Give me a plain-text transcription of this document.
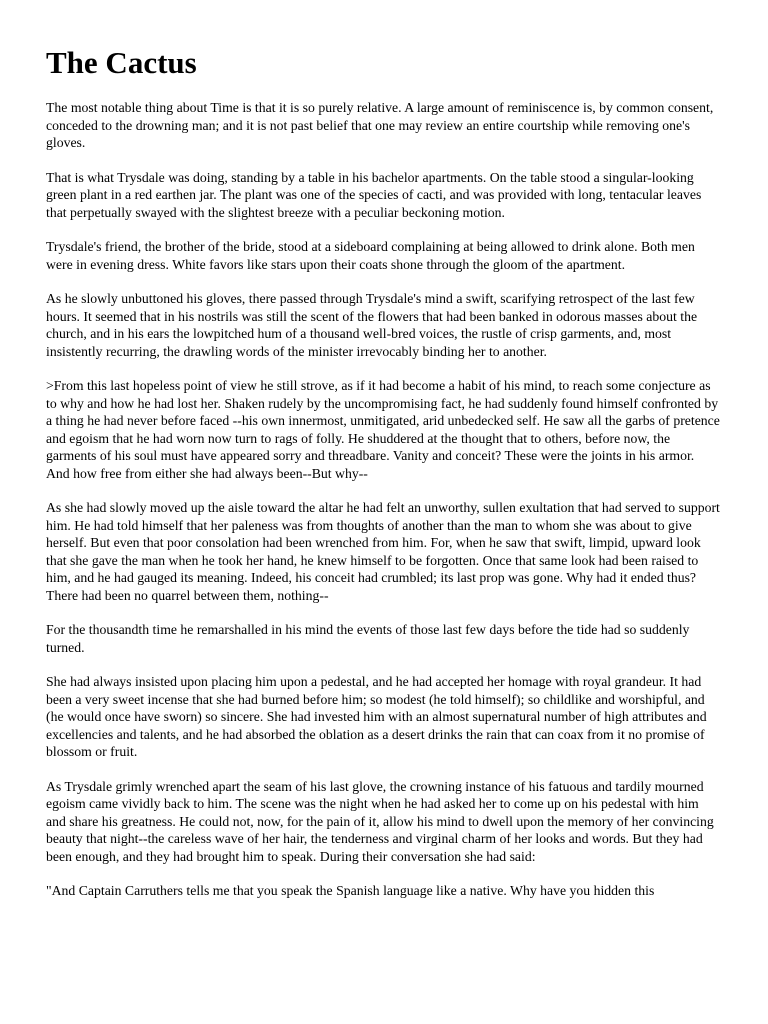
The Cactus

The most notable thing about Time is that it is so purely relative. A large amount of reminiscence is, by common consent, conceded to the drowning man; and it is not past belief that one may review an entire courtship while removing one's gloves.

That is what Trysdale was doing, standing by a table in his bachelor apartments. On the table stood a singular-looking green plant in a red earthen jar. The plant was one of the species of cacti, and was provided with long, tentacular leaves that perpetually swayed with the slightest breeze with a peculiar beckoning motion.

Trysdale's friend, the brother of the bride, stood at a sideboard complaining at being allowed to drink alone. Both men were in evening dress. White favors like stars upon their coats shone through the gloom of the apartment.

As he slowly unbuttoned his gloves, there passed through Trysdale's mind a swift, scarifying retrospect of the last few hours. It seemed that in his nostrils was still the scent of the flowers that had been banked in odorous masses about the church, and in his ears the lowpitched hum of a thousand well-bred voices, the rustle of crisp garments, and, most insistently recurring, the drawling words of the minister irrevocably binding her to another.

>From this last hopeless point of view he still strove, as if it had become a habit of his mind, to reach some conjecture as to why and how he had lost her. Shaken rudely by the uncompromising fact, he had suddenly found himself confronted by a thing he had never before faced --his own innermost, unmitigated, arid unbedecked self. He saw all the garbs of pretence and egoism that he had worn now turn to rags of folly. He shuddered at the thought that to others, before now, the garments of his soul must have appeared sorry and threadbare. Vanity and conceit? These were the joints in his armor. And how free from either she had always been--But why--

As she had slowly moved up the aisle toward the altar he had felt an unworthy, sullen exultation that had served to support him. He had told himself that her paleness was from thoughts of another than the man to whom she was about to give herself. But even that poor consolation had been wrenched from him. For, when he saw that swift, limpid, upward look that she gave the man when he took her hand, he knew himself to be forgotten. Once that same look had been raised to him, and he had gauged its meaning. Indeed, his conceit had crumbled; its last prop was gone. Why had it ended thus? There had been no quarrel between them, nothing--

For the thousandth time he remarshalled in his mind the events of those last few days before the tide had so suddenly turned.

She had always insisted upon placing him upon a pedestal, and he had accepted her homage with royal grandeur. It had been a very sweet incense that she had burned before him; so modest (he told himself); so childlike and worshipful, and (he would once have sworn) so sincere. She had invested him with an almost supernatural number of high attributes and excellencies and talents, and he had absorbed the oblation as a desert drinks the rain that can coax from it no promise of blossom or fruit.

As Trysdale grimly wrenched apart the seam of his last glove, the crowning instance of his fatuous and tardily mourned egoism came vividly back to him. The scene was the night when he had asked her to come up on his pedestal with him and share his greatness. He could not, now, for the pain of it, allow his mind to dwell upon the memory of her convincing beauty that night--the careless wave of her hair, the tenderness and virginal charm of her looks and words. But they had been enough, and they had brought him to speak. During their conversation she had said:

"And Captain Carruthers tells me that you speak the Spanish language like a native. Why have you hidden this
